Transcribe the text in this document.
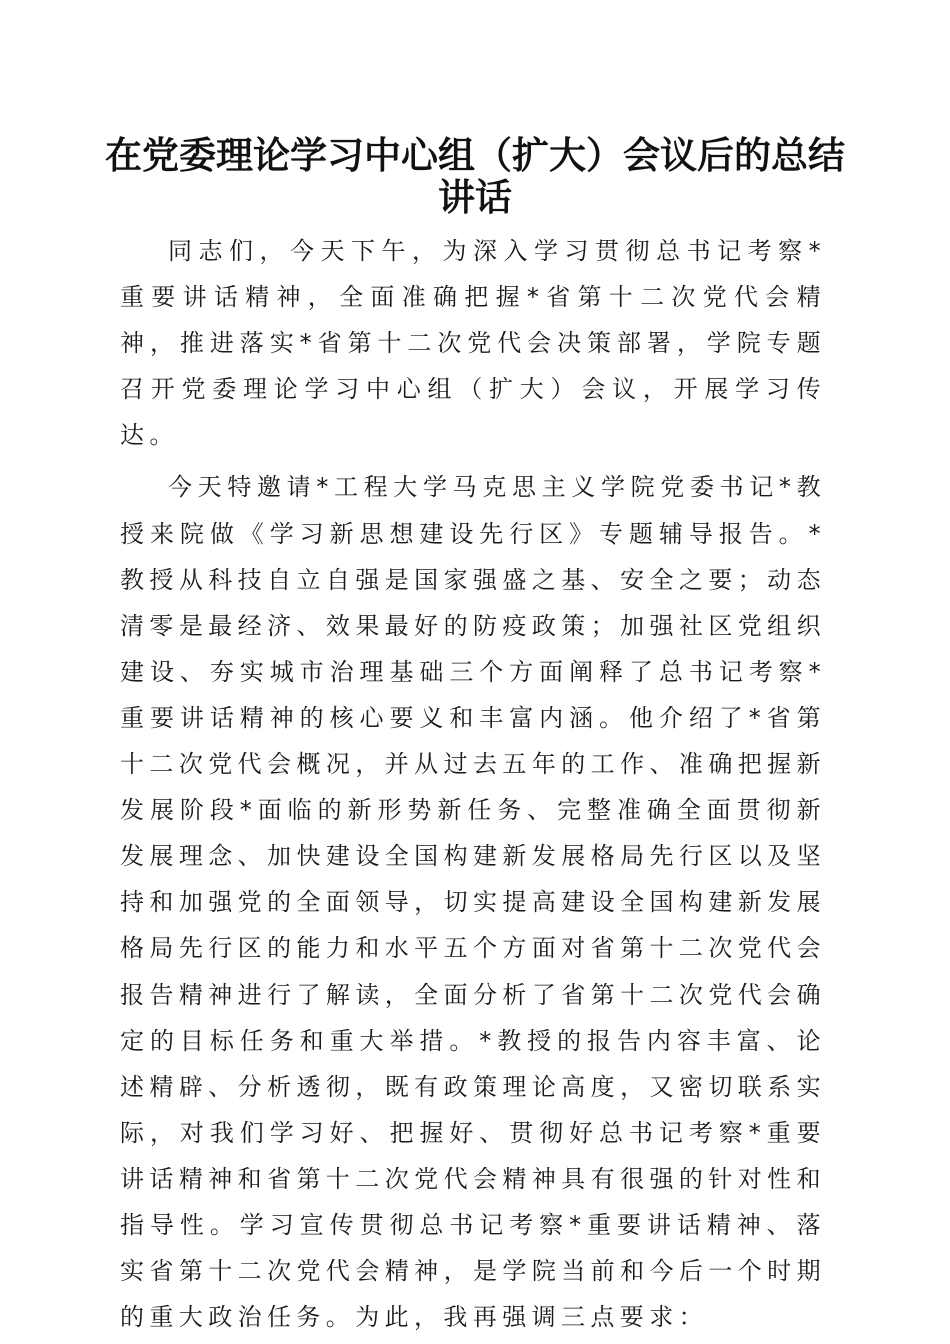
在党委理论学习中心组（扩大）会议后的总结讲话

同志们，今天下午，为深入学习贯彻总书记考察*重要讲话精神，全面准确把握*省第十二次党代会精神，推进落实*省第十二次党代会决策部署，学院专题召开党委理论学习中心组（扩大）会议，开展学习传达。

今天特邀请*工程大学马克思主义学院党委书记*教授来院做《学习新思想建设先行区》专题辅导报告。*教授从科技自立自强是国家强盛之基、安全之要；动态清零是最经济、效果最好的防疫政策；加强社区党组织建设、夯实城市治理基础三个方面阐释了总书记考察*重要讲话精神的核心要义和丰富内涵。他介绍了*省第十二次党代会概况，并从过去五年的工作、准确把握新发展阶段*面临的新形势新任务、完整准确全面贯彻新发展理念、加快建设全国构建新发展格局先行区以及坚持和加强党的全面领导，切实提高建设全国构建新发展格局先行区的能力和水平五个方面对省第十二次党代会报告精神进行了解读，全面分析了省第十二次党代会确定的目标任务和重大举措。*教授的报告内容丰富、论述精辟、分析透彻，既有政策理论高度，又密切联系实际，对我们学习好、把握好、贯彻好总书记考察*重要讲话精神和省第十二次党代会精神具有很强的针对性和指导性。学习宣传贯彻总书记考察*重要讲话精神、落实省第十二次党代会精神，是学院当前和今后一个时期的重大政治任务。为此，我再强调三点要求：
